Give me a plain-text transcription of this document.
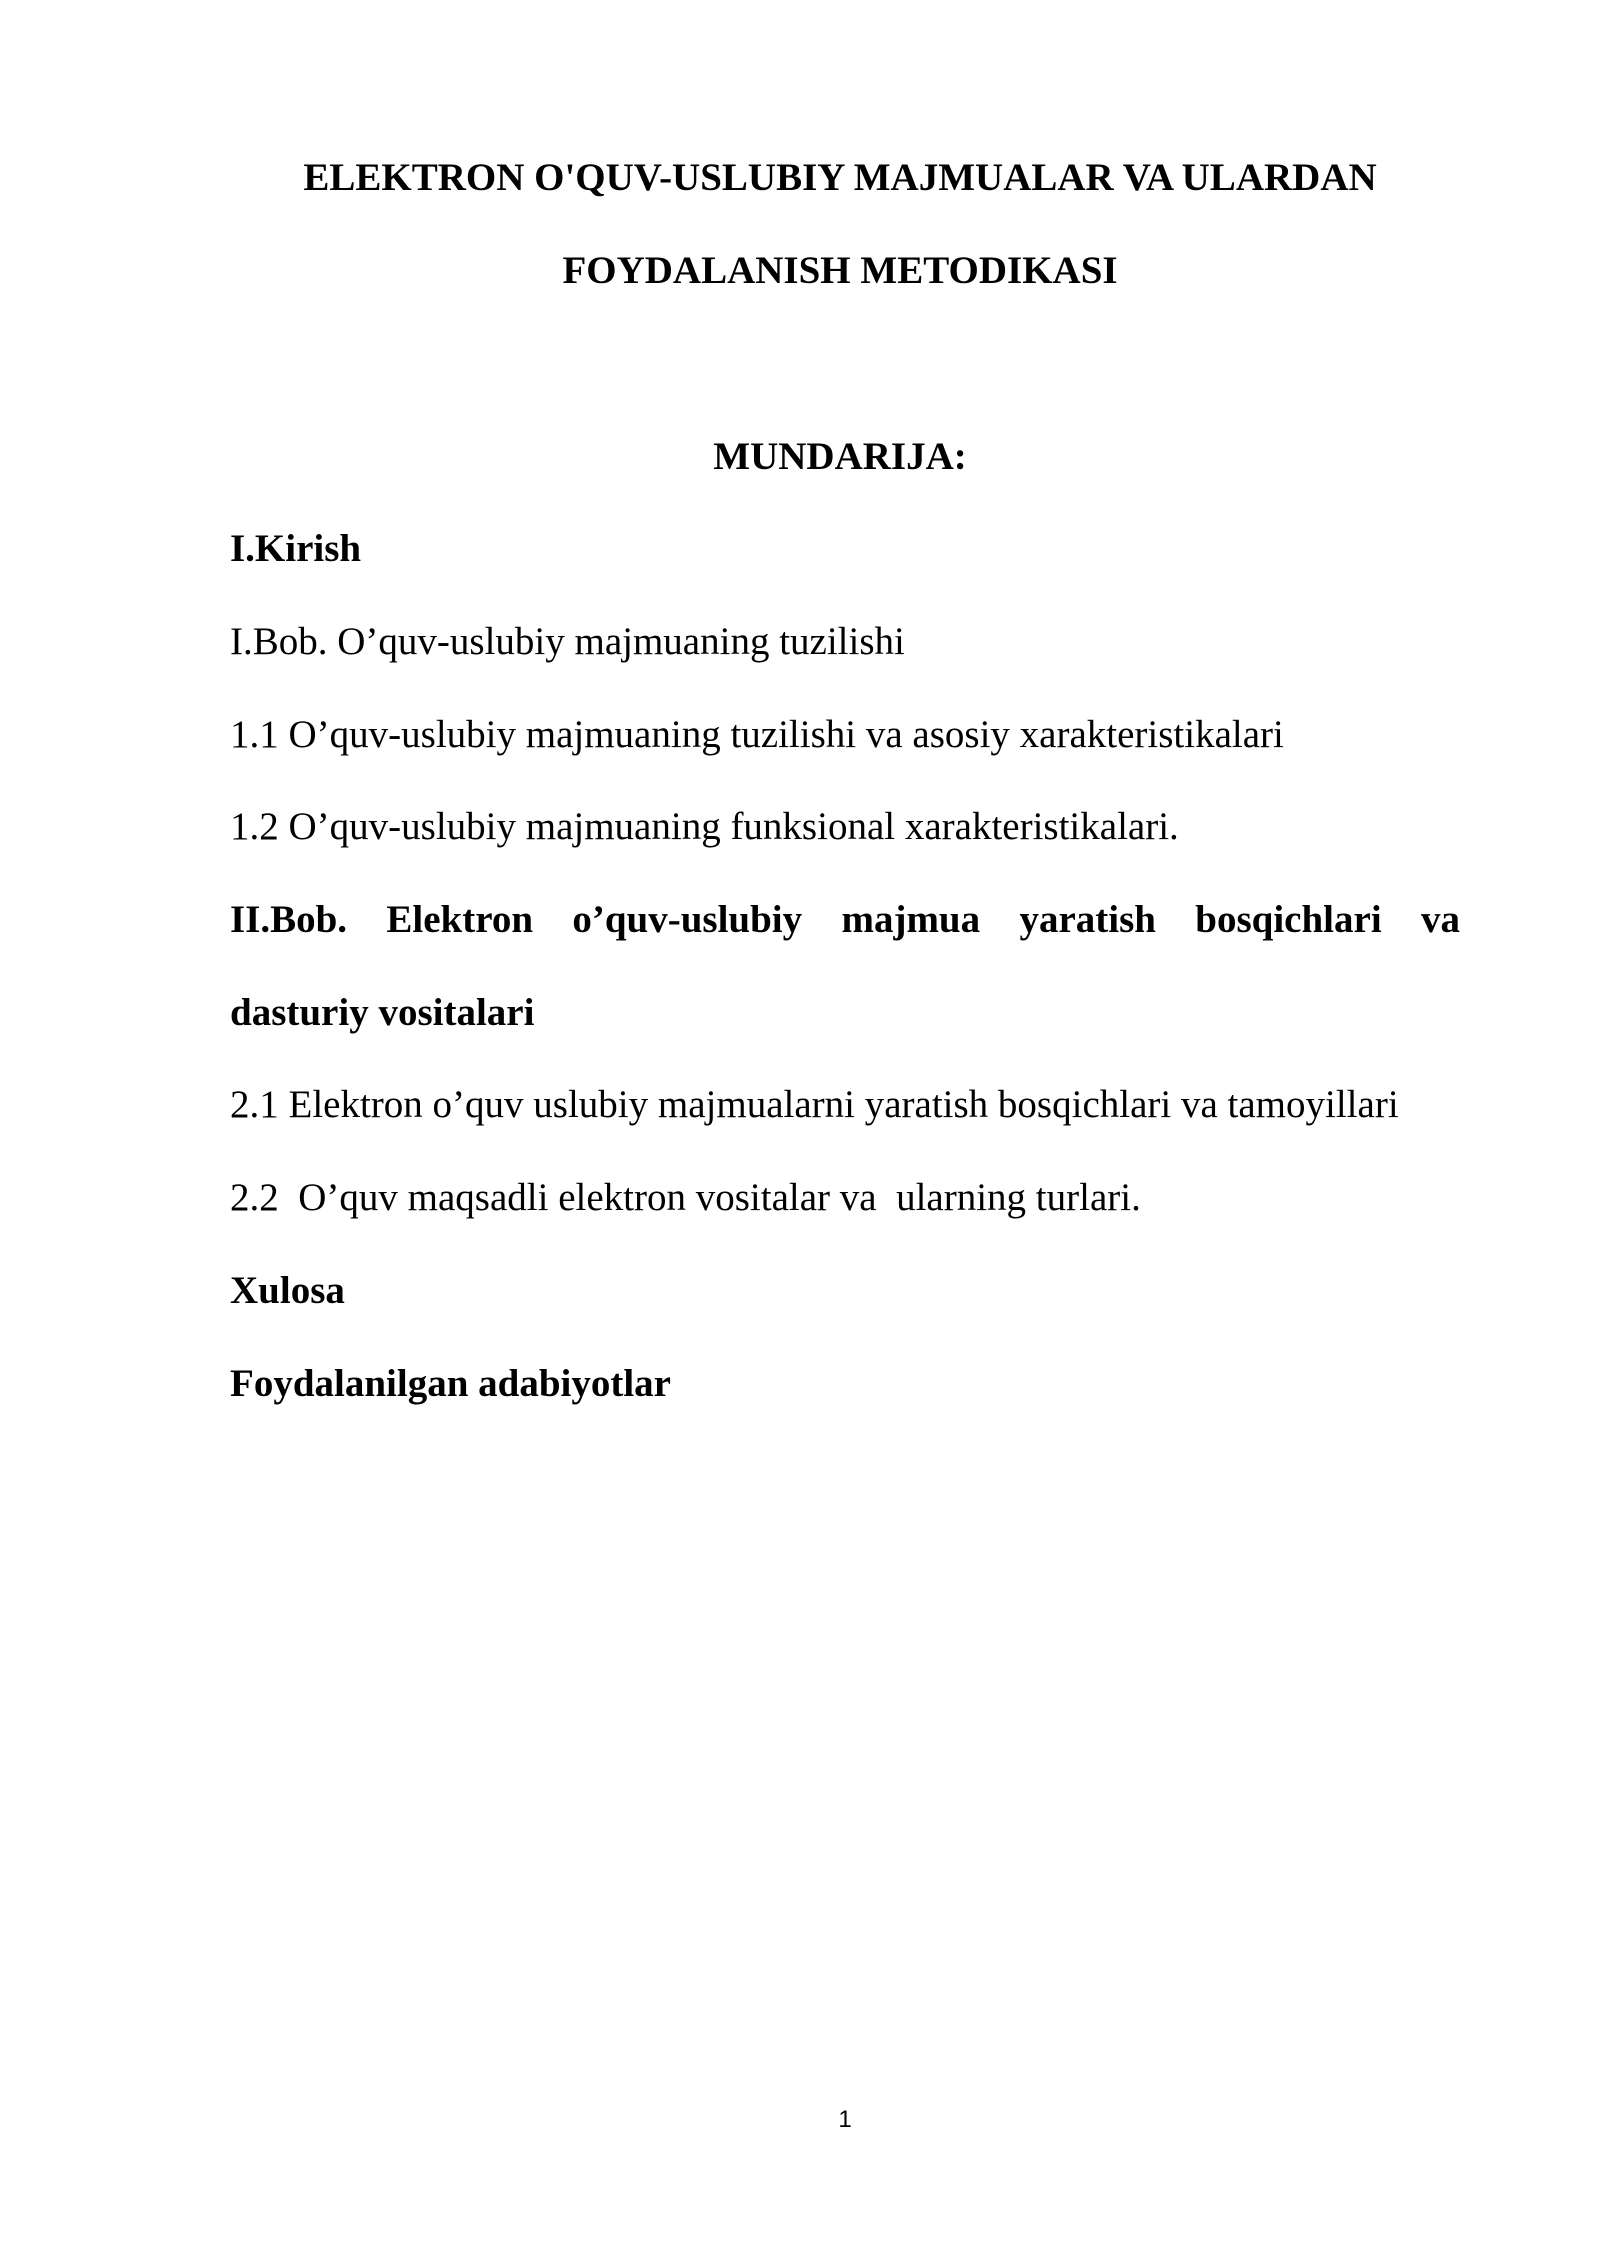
ELEKTRON O'QUV-USLUBIY MAJMUALAR VA ULARDAN

FOYDALANISH METODIKASI

MUNDARIJA:

I.Kirish

I.Bob. O’quv-uslubiy majmuaning tuzilishi

1.1 O’quv-uslubiy majmuaning tuzilishi va asosiy xarakteristikalari

1.2 O’quv-uslubiy majmuaning funksional xarakteristikalari.

II.Bob. Elektron o’quv-uslubiy majmua yaratish bosqichlari va

dasturiy vositalari

2.1 Elektron o’quv uslubiy majmualarni yaratish bosqichlari va tamoyillari

2.2  O’quv maqsadli elektron vositalar va  ularning turlari.

Xulosa

Foydalanilgan adabiyotlar

1
